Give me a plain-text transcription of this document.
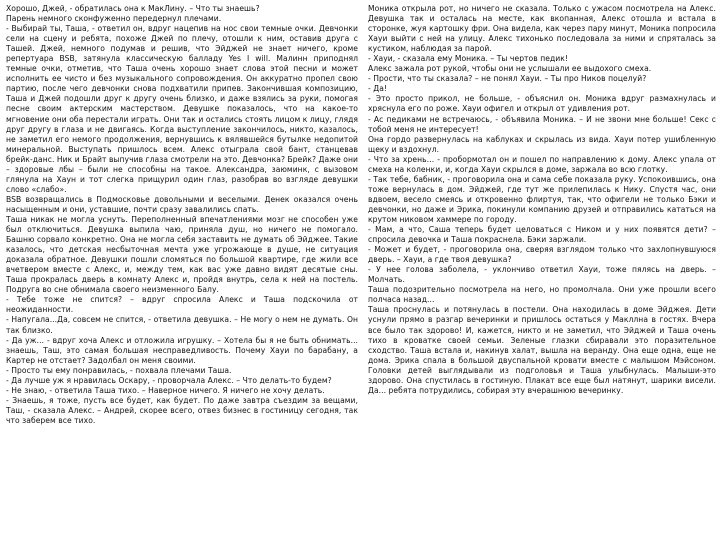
Хорошо, Джей, - обратилась она к МакЛину. – Что ты знаешь?

Парень немного сконфуженно передернул плечами.

- Выбирай ты, Таша, - ответил он, вдруг нацепив на нос свои темные очки. Девчонки сели на сцену и ребята, похоже Джей по плечу, отошли к ним, оставив друга с Ташей. Джей, немного подумав и решив, что Эйджей не знает ничего, кроме репертуара BSB, затянула классическую балладу Yes I will. Малинн приподнял темные очки, отметив, что Таша очень хорошо знает слова этой песни и может исполнить ее чисто и без музыкального сопровождения. Он аккуратно пропел свою партию, после чего девчонки снова подхватили припев. Закончившая композицию, Таша и Джей подошли друг к другу очень близко, и даже взялись за руки, помогая песне своим актерским мастерством. Девушке показалось, что на какое-то мгновение они оба перестали играть. Они так и остались стоять лицом к лицу, глядя друг другу в глаза и не двигаясь. Когда выступление закончилось, никто, казалось, не заметил его немого продолжения, вернувшись к вялявшейся бутылке недопитой минеральной. Выступать пришлось всем. Алекс отыграла свой бант, станцевав брейк-данс. Ник и Брайт выпучив глаза смотрели на это. Девчонка? Брейк? Даже они – здоровые лбы – были не способны на такое. Александра, заюминк, с вызовом глянула на Хаун и тот слегка прищурил один глаз, разобрав во взгляде девушки слово «слабо».

BSB возвращались в Подмосковье довольными и веселыми. Денек оказался очень насыщенным и они, уставшие, почти сразу завалились спать.

Таша никак не могла уснуть. Переполненный впечатлениями мозг не способен уже был отключиться. Девушка выпила чаю, приняла душ, но ничего не помогало. Башню сорвало конкретно. Она не могла себя заставить не думать об Эйджее. Такие казалось, что детская несбыточная мечта уже угрожающе в душе, не ситуация доказала обратное. Девушки пошли сломяться по большой квартире, где жили все вчетвером вместе с Алекс, и, между тем, как вас уже давно видят десятые сны. Таша прокралась дверь в комнату Алекс и, пройдя внутрь, села к ней на постель. Подруга во сне обнимала своего неизменного Балу.

- Тебе тоже не спится? – вдруг спросила Алекс и Таша подскочила от неожиданности.

- Напугала...Да, совсем не спится, - ответила девушка. – Не могу о нем не думать. Он так близко.

- Да уж… - вдруг хоча Алекс и отложила игрушку. – Хотела бы я не быть обнимать... знаешь, Таш, это самая большая несправедливость. Почему Хауи по барабану, а Картер не отстает? Задолбал он меня своими.

- Просто ты ему понравилась, - похвала плечами Таша.

- Да лучше уж я нравилась Оскару, - проворчала Алекс. – Что делать-то будем?

- Не знаю, - ответила Таша тихо. – Наверное ничего. Я ничего не хочу делать.

- Знаешь, я тоже, пусть все будет, как будет. По даже завтра съездим за вещами, Таш, - сказала Алекс. – Андрей, скорее всего, отвез бизнес в гостиницу сегодня, так что заберем все тихо.

Моника открыла рот, но ничего не сказала. Только с ужасом посмотрела на Алекс. Девушка так и осталась на месте, как вкопанная, Алекс отошла и встала в сторонке, жуя картошку фри. Она видела, как через пару минут, Моника попросила Хауи выйти с ней на улицу. Алекс тихонько последовала за ними и спряталась за кустиком, наблюдая за парой.

- Хауи, - сказала ему Моника. – Ты чертов педик!

Алекс зажала рот рукой, чтобы они не услышали ее выдохого смеха.

- Прости, что ты сказала? – не понял Хауи. – Ты про Ников поцелуй?

- Да!

- Это просто прикол, не больше, - объяснил он. Моника вдруг размахнулась и хряснула его по роже. Хауи офигел и открыл от удивления рот.

- Ас педиками не встречаюсь, - объявила Моника. – И не звони мне больше! Секс с тобой меня не интересует!

Она гордо развернулась на каблуках и скрылась из вида. Хауи потер ушибленную щеку и вздохнул.

- Что за хрень… - пробормотал он и пошел по направлению к дому. Алекс упала от смеха на коленки, и, когда Хауи скрылся в доме, заржала во всю глотку.

- Так тебе, бабник, - проговорила она и сама себе показала руку. Успокоившись, она тоже вернулась в дом. Эйджей, где тут же прилепилась к Нику. Спустя час, они вдвоем, весело смеясь и откровенно флиртуя, так, что офигели не только Бэки и девчонки, но даже и Эрика, покинули компанию друзей и отправились кататься на крутом никовом хаммере по городу.

- Мам, а что, Саша теперь будет целоваться с Ником и у них появятся дети? – спросила девочка и Таша покраснела. Бэки заржали.

- Может и будет, - проговорила она, сверяя взглядом только что захлопнувшуюся дверь. – Хауи, а где твоя девушка?

- У нее голова заболела, - уклончиво ответил Хауи, тоже пялясь на дверь. – Молчать.

Таша подозрительно посмотрела на него, но промолчала. Они уже прошли всего полчаса назад...

Таша проснулась и потянулась в постели. Она находилась в доме Эйджея. Дети уснули прямо в разгар вечеринки и пришлось остаться у Макллна в гостях. Вчера все было так здорово! И, кажется, никто и не заметил, что Эйджей и Таша очень тихо в кроватке своей семьи. Зеленые глазки сбиравали это поразительное сходство. Таша встала и, накинув халат, вышла на веранду. Она еще одна, еще не дома. Эрика спала в большой двуспальной кровати вместе с малышом Мэйсоном. Головки детей выглядывали из подголовья и Таша улыбнулась. Малыши-это здорово. Она спустилась в гостиную. Плакат все еще был натянут, шарики висели. Да... ребята потрудились, собирая эту вчерашнюю вечеринку.
